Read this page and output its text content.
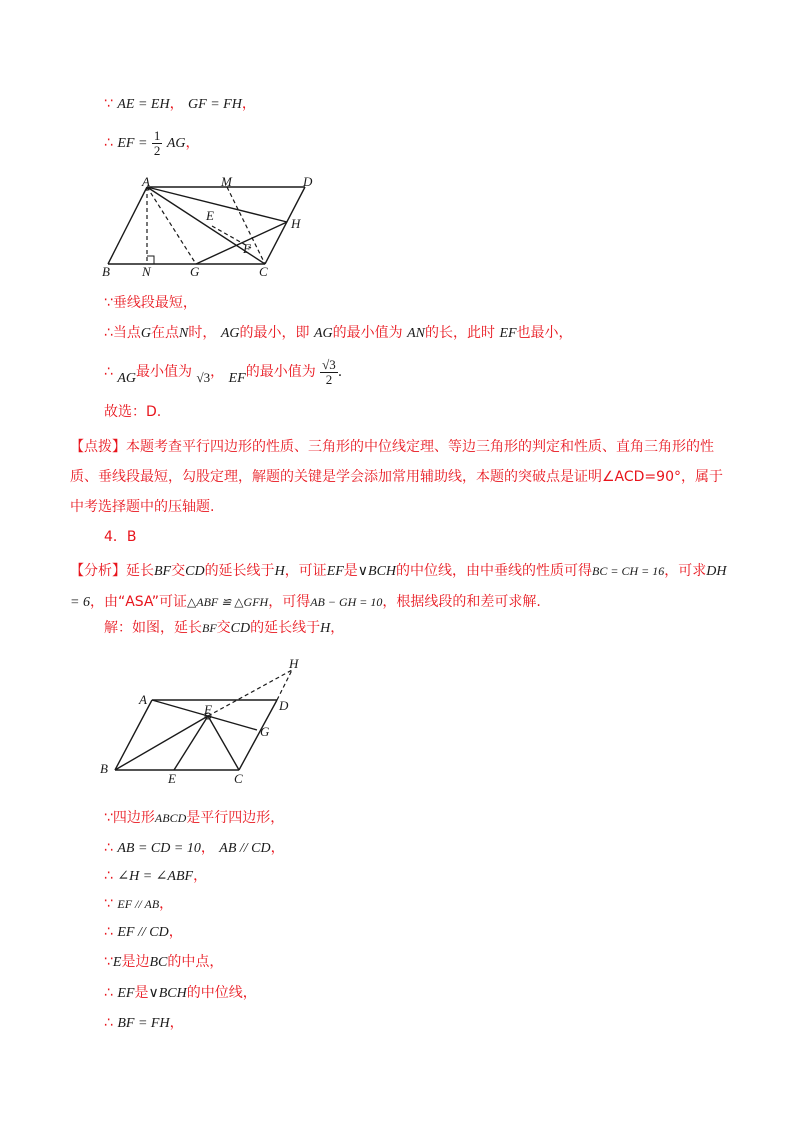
∵ AE = EH， GF = FH，
∴ EF = $\frac{1}{2}$ AG，
A	M	D
E
H
F
B N	G	C
∵垂线段最短，
∴当点G在点N时， AG的最小，即 AG的最小值为 AN的长，此时 EF也最小，
∴ AG最小值为 √3， EF的最小值为 $\frac{√3}{2}$ .
故选：D.
【点拨】本题考查平行四边形的性质、三角形的中位线定理、等边三角形的判定和性质、直角三角形的性质、垂线段最短，勾股定理，解题的关键是学会添加常用辅助线，本题的突破点是证明∠ACD=90°，属于中考选择题中的压轴题.
4．B
【分析】延长BF交CD的延长线于H，可证EF是∨BCH的中位线，由中垂线的性质可得BC = CH = 16，可求DH = 6，由“ASA”可证△ABF ≌ △GFH，可得AB − GH = 10，根据线段的和差可求解.
解：如图，延长BF交CD的延长线于H，
H
A
F	D
G
B
E	C
∵四边形ABCD是平行四边形，
∴ AB = CD = 10， AB // CD，
∴ ∠H = ∠ABF，
∵ EF // AB，
∴ EF // CD，
∵E是边BC的中点，
∴ EF是∨BCH的中位线，
∴ BF = FH，
